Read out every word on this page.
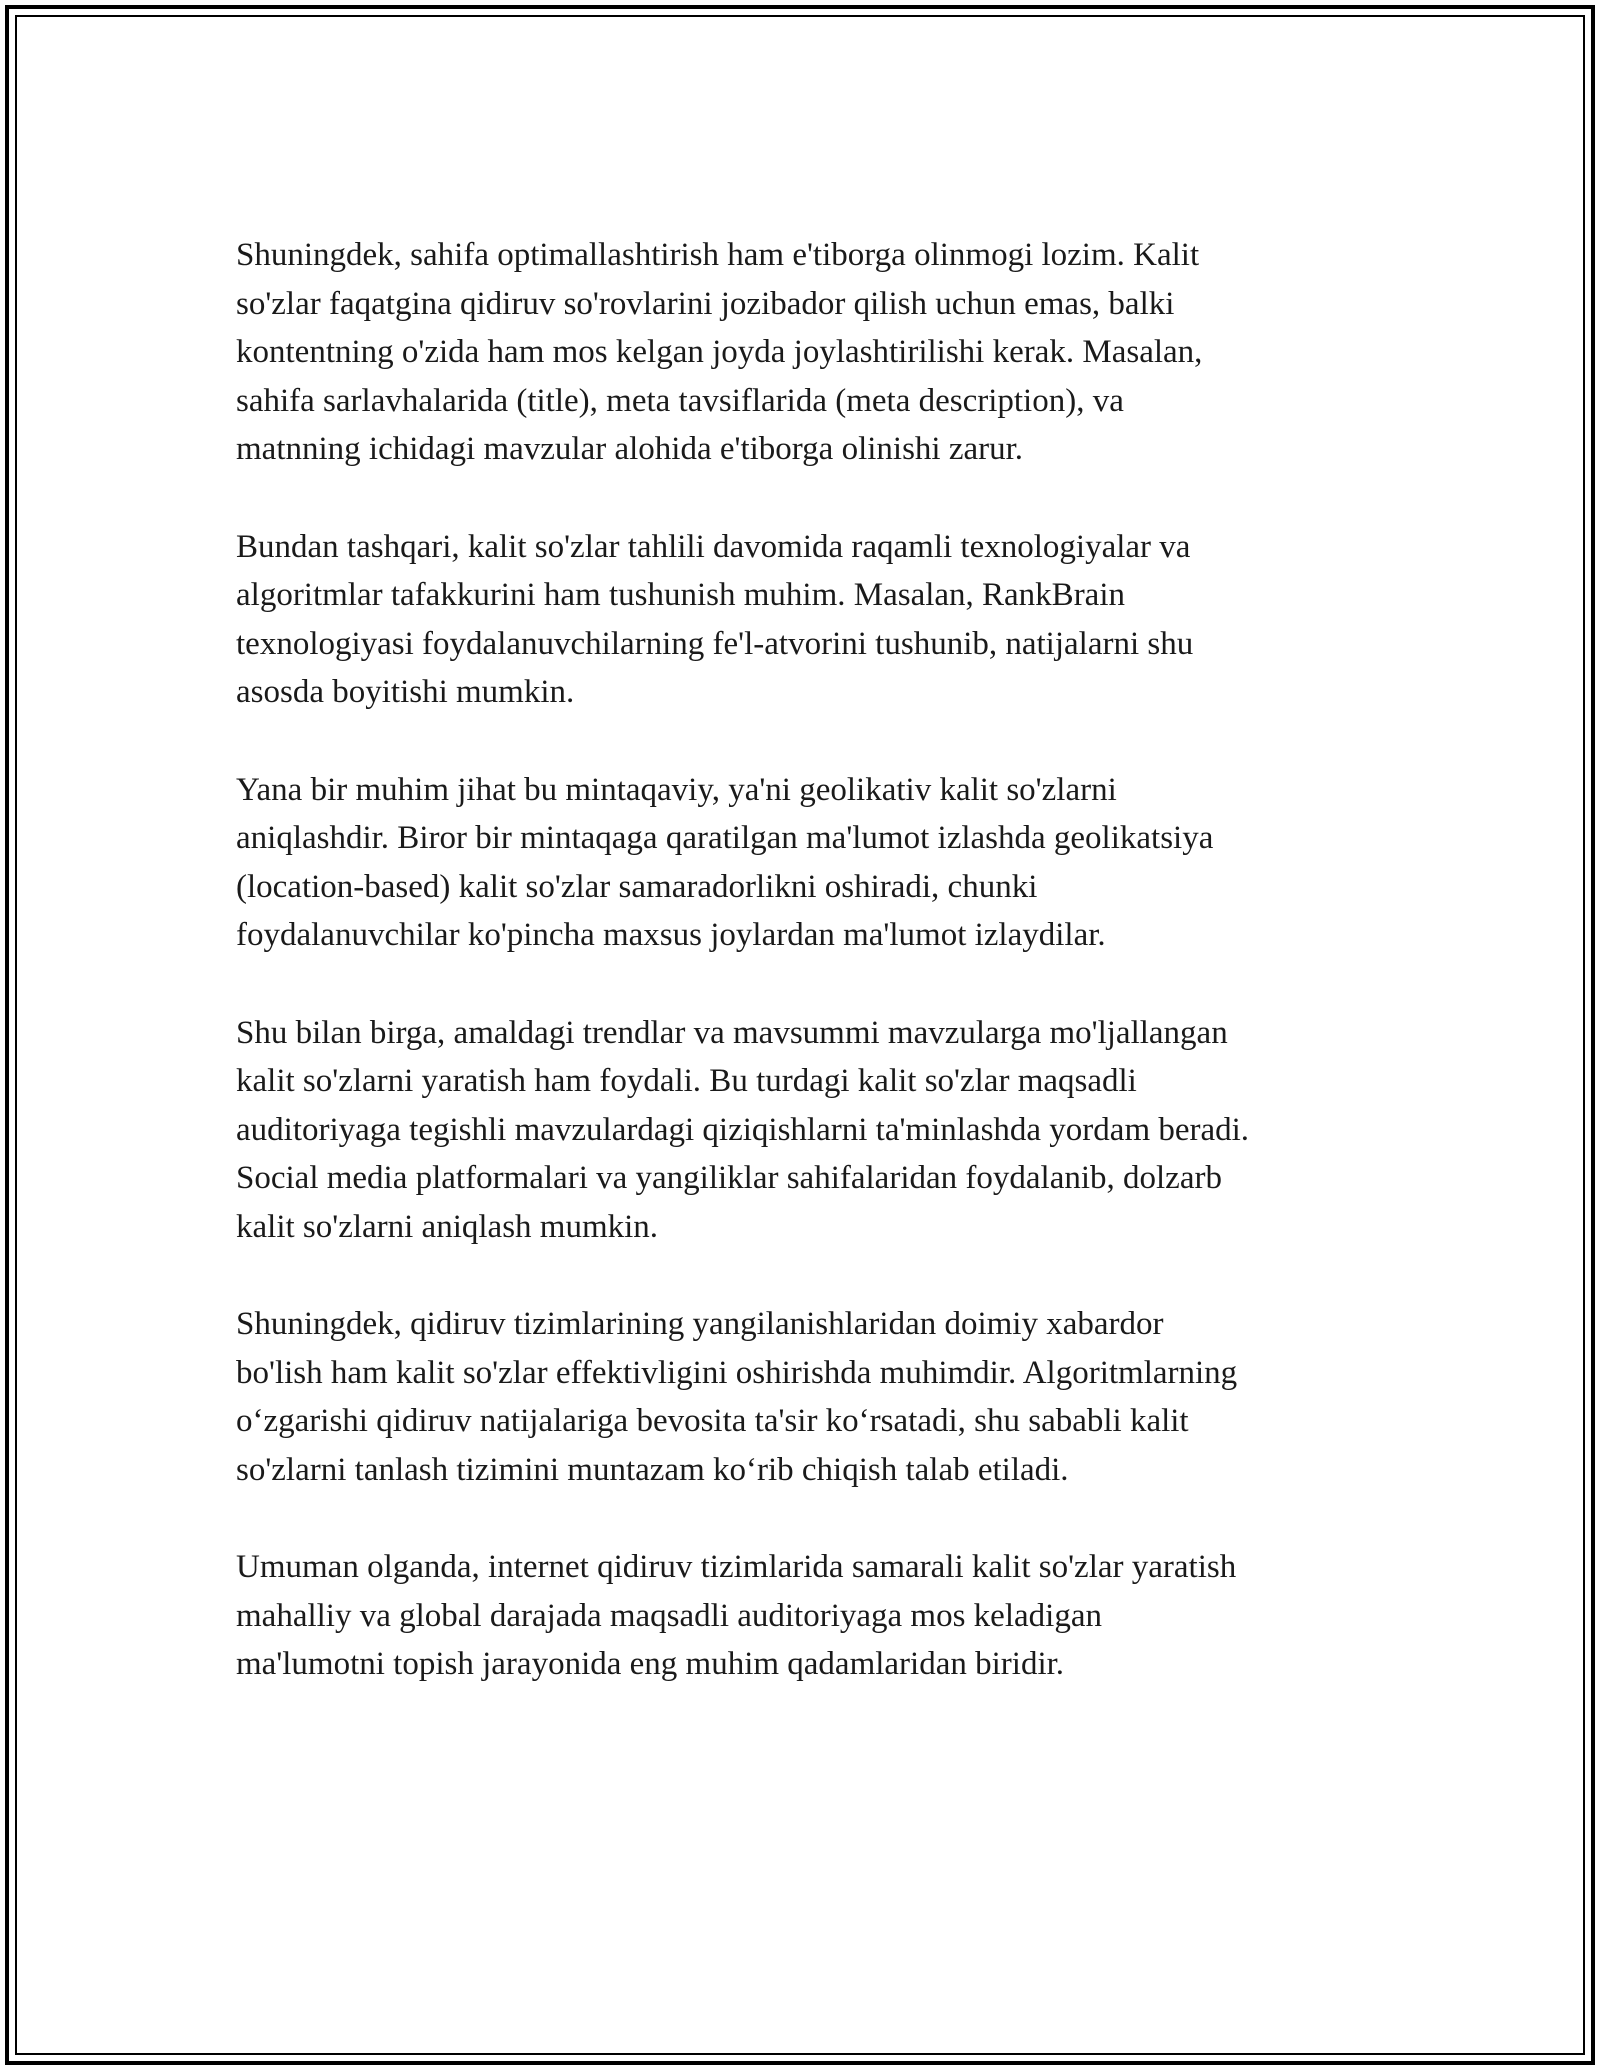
Shuningdek, sahifa optimallashtirish ham e'tiborga olinmogi lozim. Kalit
so'zlar faqatgina qidiruv so'rovlarini jozibador qilish uchun emas, balki
kontentning o'zida ham mos kelgan joyda joylashtirilishi kerak. Masalan,
sahifa sarlavhalarida (title), meta tavsiflarida (meta description), va
matnning ichidagi mavzular alohida e'tiborga olinishi zarur.

Bundan tashqari, kalit so'zlar tahlili davomida raqamli texnologiyalar va
algoritmlar tafakkurini ham tushunish muhim. Masalan, RankBrain
texnologiyasi foydalanuvchilarning fe'l-atvorini tushunib, natijalarni shu
asosda boyitishi mumkin.

Yana bir muhim jihat bu mintaqaviy, ya'ni geolikativ kalit so'zlarni
aniqlashdir. Biror bir mintaqaga qaratilgan ma'lumot izlashda geolikatsiya
(location-based) kalit so'zlar samaradorlikni oshiradi, chunki
foydalanuvchilar ko'pincha maxsus joylardan ma'lumot izlaydilar.

Shu bilan birga, amaldagi trendlar va mavsummi mavzularga mo'ljallangan
kalit so'zlarni yaratish ham foydali. Bu turdagi kalit so'zlar maqsadli
auditoriyaga tegishli mavzulardagi qiziqishlarni ta'minlashda yordam beradi.
Social media platformalari va yangiliklar sahifalaridan foydalanib, dolzarb
kalit so'zlarni aniqlash mumkin.

Shuningdek, qidiruv tizimlarining yangilanishlaridan doimiy xabardor
bo'lish ham kalit so'zlar effektivligini oshirishda muhimdir. Algoritmlarning
o‘zgarishi qidiruv natijalariga bevosita ta'sir ko‘rsatadi, shu sababli kalit
so'zlarni tanlash tizimini muntazam ko‘rib chiqish talab etiladi.

Umuman olganda, internet qidiruv tizimlarida samarali kalit so'zlar yaratish
mahalliy va global darajada maqsadli auditoriyaga mos keladigan
ma'lumotni topish jarayonida eng muhim qadamlaridan biridir.
